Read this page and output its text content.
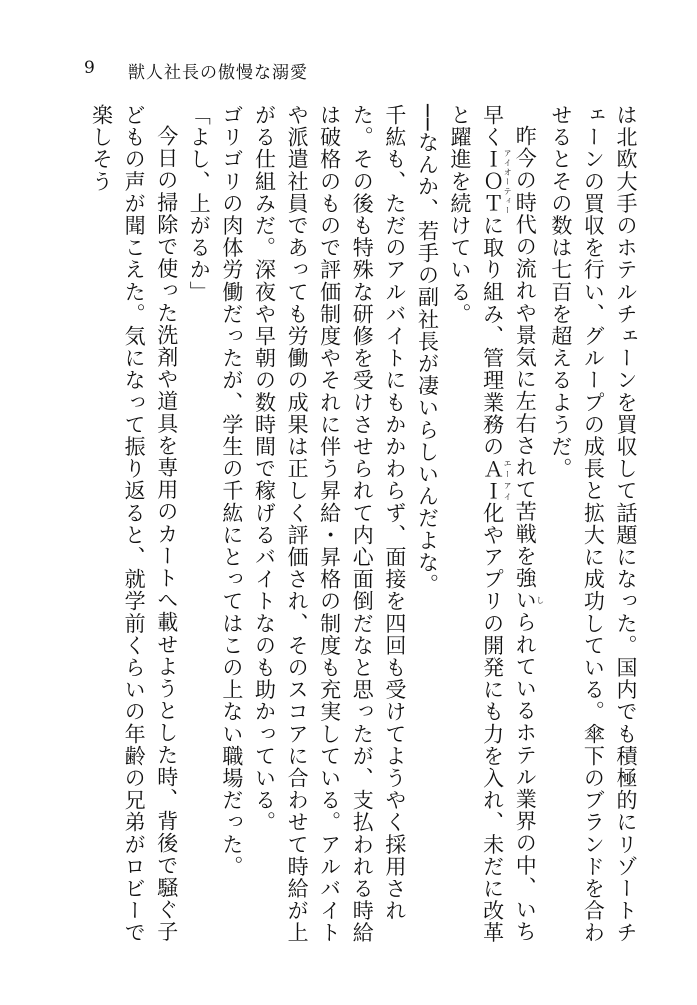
9 獣人社長の傲慢な溺愛

は北欧大手のホテルチェーンを買収して話題になった。国内でも積極的にリゾートチェーンの買収を行い、グループの成長と拡大に成功している。傘下のブランドを合わせるとその数は七百を超えるようだ。

昨今の時代の流れや景気に左右されて苦戦を強いしられているホテル業界の中、いち早くＩＯＴアイオーティーに取り組み、管理業務のＡＩエーアイ化やアプリの開発にも力を入れ、未だに改革と躍進を続けている。

──なんか、若手の副社長が凄いらしいんだよな。

千紘も、ただのアルバイトにもかかわらず、面接を四回も受けてようやく採用された。その後も特殊な研修を受けさせられて内心面倒だなと思ったが、支払われる時給は破格のもので評価制度やそれに伴う昇給・昇格の制度も充実している。アルバイトや派遣社員であっても労働の成果は正しく評価され、そのスコアに合わせて時給が上がる仕組みだ。深夜や早朝の数時間で稼げるバイトなのも助かっている。

ゴリゴリの肉体労働だったが、学生の千紘にとってはこの上ない職場だった。

「よし、上がるか」

今日の掃除で使った洗剤や道具を専用のカートへ載せようとした時、背後で騒ぐ子どもの声が聞こえた。気になって振り返ると、就学前くらいの年齢の兄弟がロビーで楽しそう
